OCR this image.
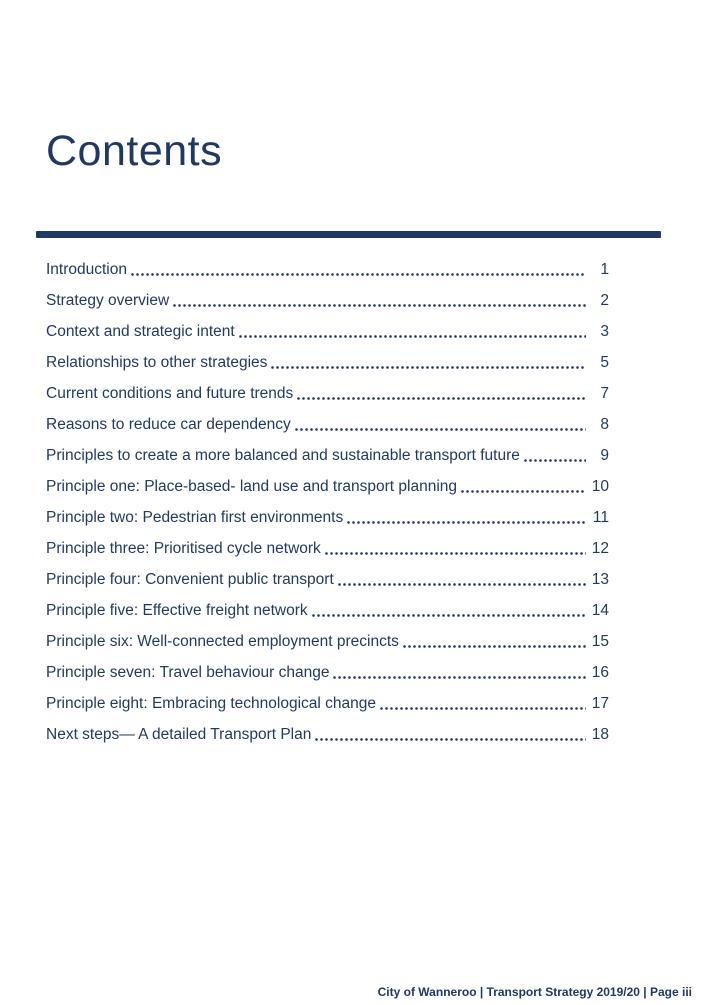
Contents
Introduction	1
Strategy overview	2
Context and strategic intent	3
Relationships to other strategies	5
Current conditions and future trends	7
Reasons to reduce car dependency	8
Principles to create a more balanced and sustainable transport future	9
Principle one: Place-based- land use and transport planning	10
Principle two: Pedestrian first environments	11
Principle three: Prioritised cycle network	12
Principle four: Convenient public transport	13
Principle five: Effective freight network	14
Principle six: Well-connected employment precincts	15
Principle seven: Travel behaviour change	16
Principle eight: Embracing technological change	17
Next steps— A detailed Transport Plan	18
City of Wanneroo | Transport Strategy 2019/20 | Page iii
